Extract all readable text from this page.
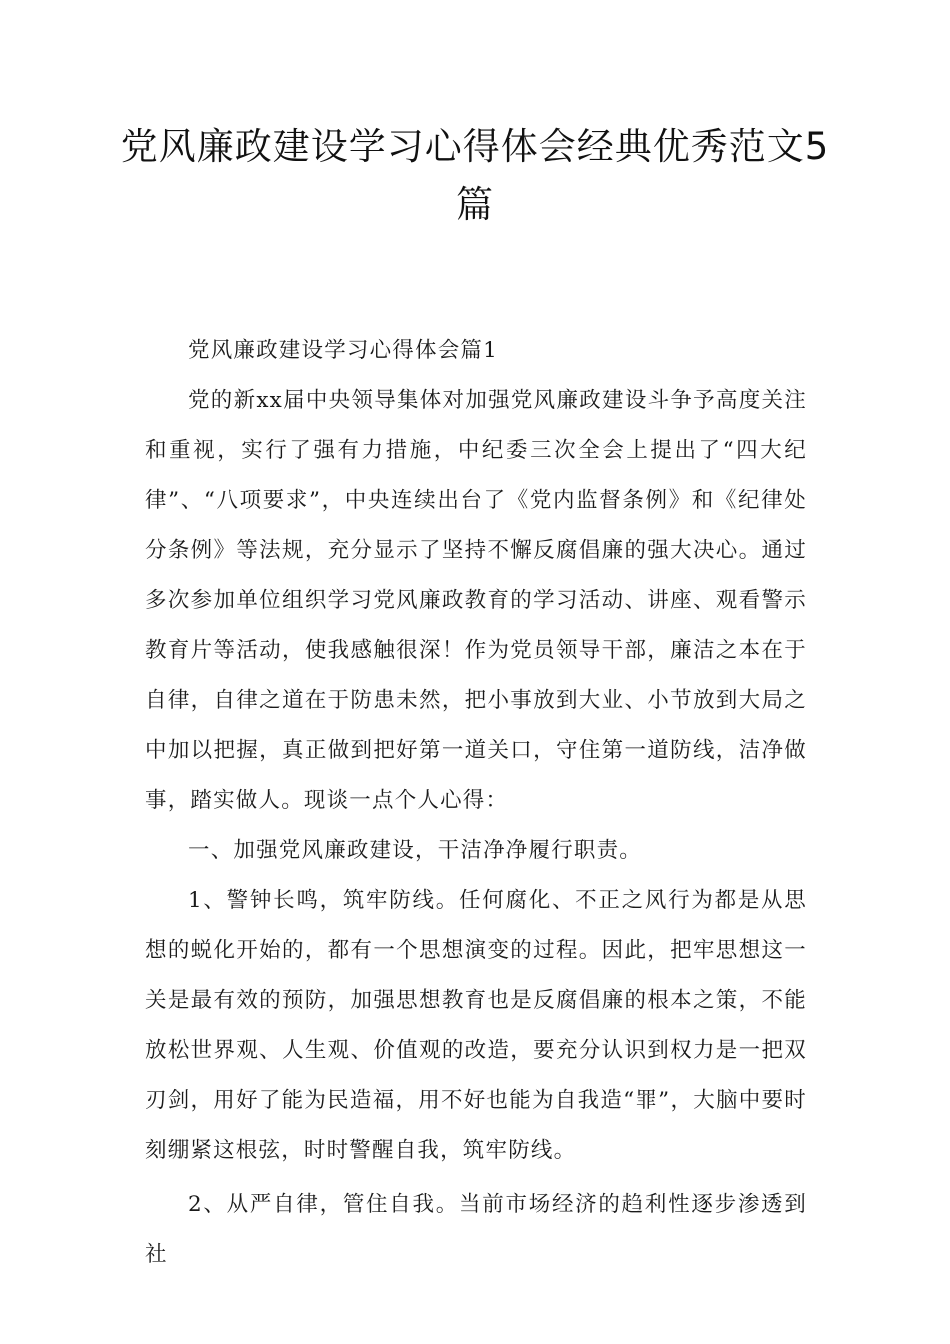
党风廉政建设学习心得体会经典优秀范文5篇

党风廉政建设学习心得体会篇1

党的新xx届中央领导集体对加强党风廉政建设斗争予高度关注和重视，实行了强有力措施，中纪委三次全会上提出了“四大纪律”、“八项要求”，中央连续出台了《党内监督条例》和《纪律处分条例》等法规，充分显示了坚持不懈反腐倡廉的强大决心。通过多次参加单位组织学习党风廉政教育的学习活动、讲座、观看警示教育片等活动，使我感触很深！作为党员领导干部，廉洁之本在于自律，自律之道在于防患未然，把小事放到大业、小节放到大局之中加以把握，真正做到把好第一道关口，守住第一道防线，洁净做事，踏实做人。现谈一点个人心得：

一、加强党风廉政建设，干洁净净履行职责。

1、警钟长鸣，筑牢防线。任何腐化、不正之风行为都是从思想的蜕化开始的，都有一个思想演变的过程。因此，把牢思想这一关是最有效的预防，加强思想教育也是反腐倡廉的根本之策，不能放松世界观、人生观、价值观的改造，要充分认识到权力是一把双刃剑，用好了能为民造福，用不好也能为自我造“罪”，大脑中要时刻绷紧这根弦，时时警醒自我，筑牢防线。

2、从严自律，管住自我。当前市场经济的趋利性逐步渗透到社
